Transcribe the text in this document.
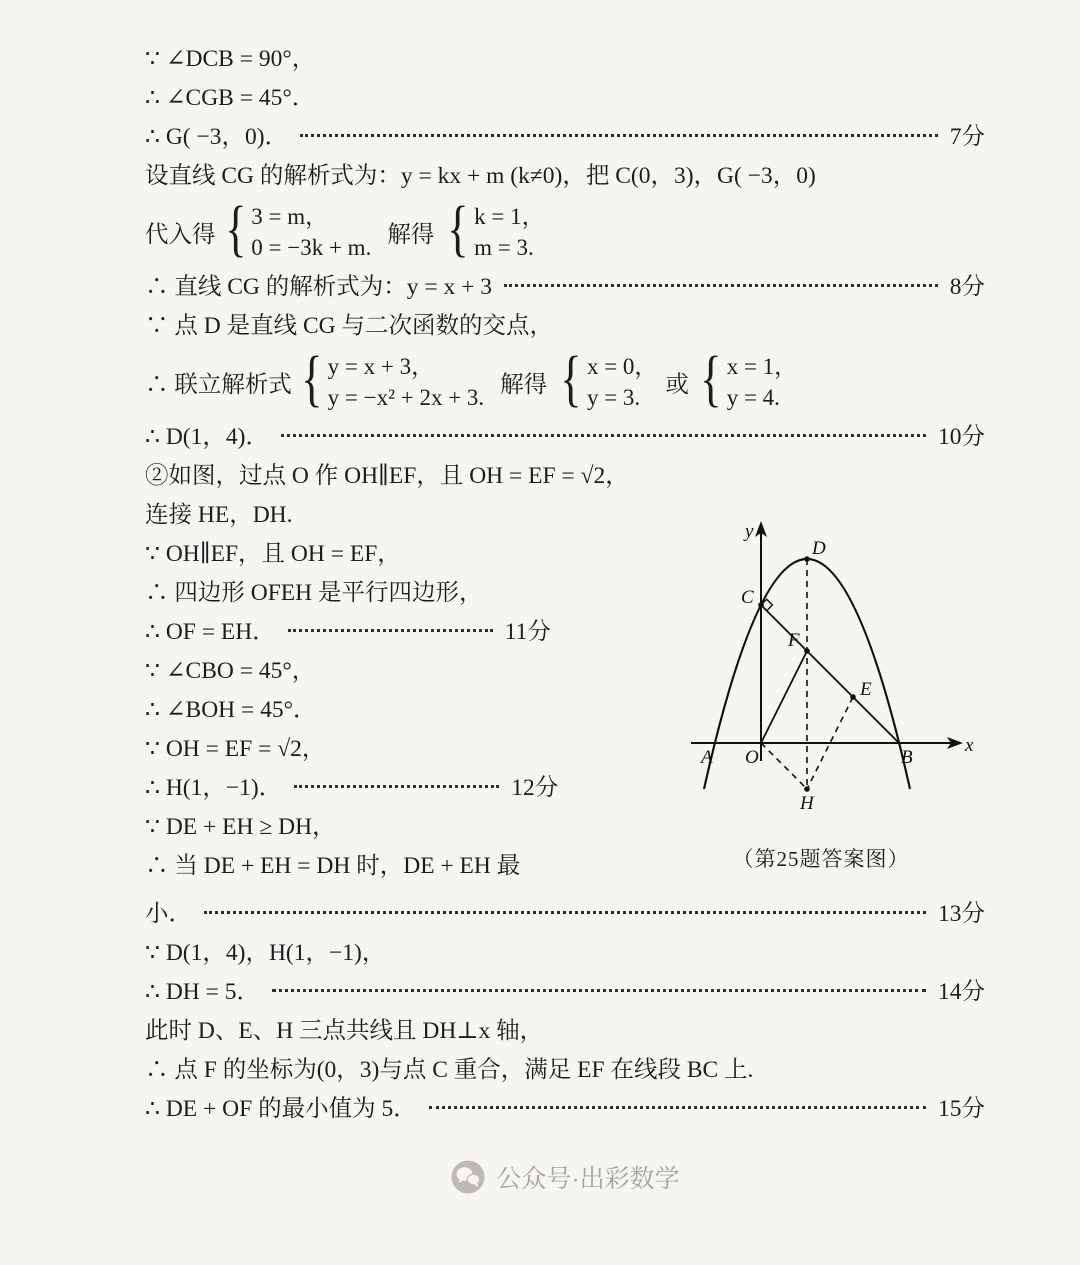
∵ ∠DCB = 90°，
∴ ∠CGB = 45°．
∴ G( −3，0)．	7分
设直线 CG 的解析式为：y = kx + m (k≠0)，把 C(0，3)，G( −3，0)
代入得 { 3 = m，
0 = −3k + m. 解得 { k = 1，
m = 3.
∴ 直线 CG 的解析式为：y = x + 3	8分
∵ 点 D 是直线 CG 与二次函数的交点，
∴ 联立解析式 { y = x + 3，
y = −x² + 2x + 3. 解得 { x = 0，
y = 3.	或 { x = 1，
y = 4.
∴ D(1，4)．	10分
②如图，过点 O 作 OH∥EF，且 OH = EF = √2，
连接 HE，DH.
∵ OH∥EF，且 OH = EF，
∴ 四边形 OFEH 是平行四边形，
∴ OF = EH．	11分
∵ ∠CBO = 45°，
∴ ∠BOH = 45°．
∵ OH = EF = √2，
∴ H(1，−1)．	12分
∵ DE + EH ≥ DH，
∴ 当 DE + EH = DH 时，DE + EH 最
y
x
D
C
F
E
A O	B
H
（第25题答案图）
小．	13分
∵ D(1，4)，H(1，−1)，
∴ DH = 5．	14分
此时 D、E、H 三点共线且 DH⊥x 轴，
∴ 点 F 的坐标为(0，3)与点 C 重合，满足 EF 在线段 BC 上.
∴ DE + OF 的最小值为 5．	15分
公众号·出彩数学
